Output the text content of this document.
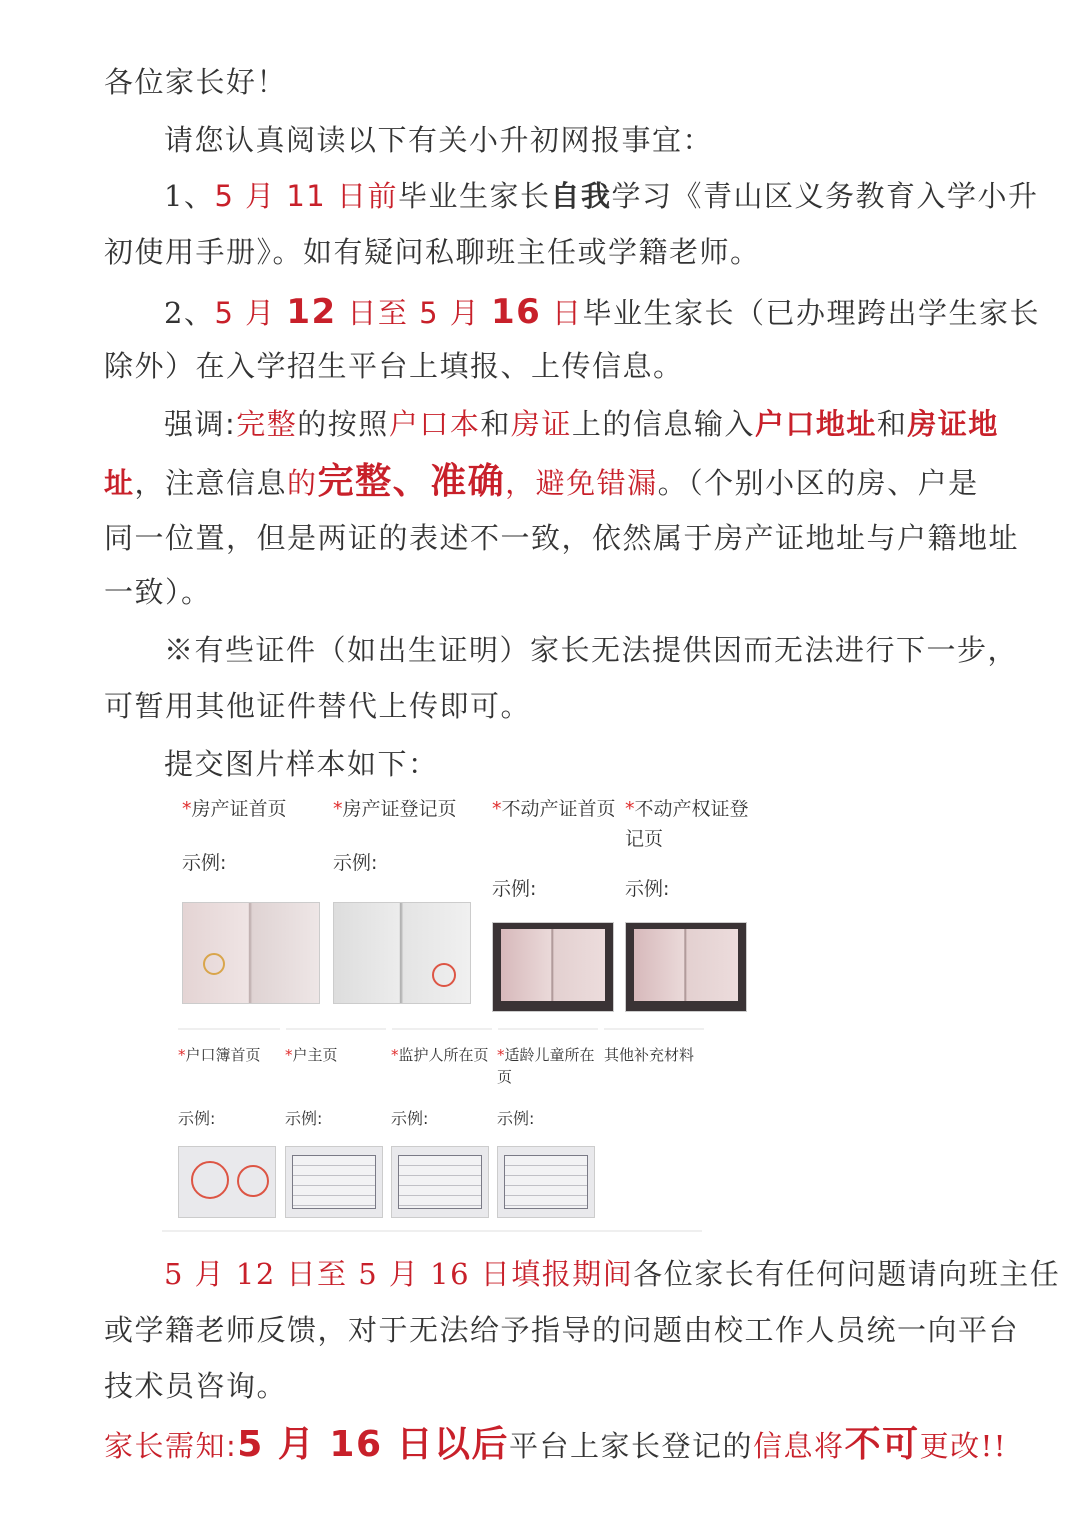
各位家长好！
请您认真阅读以下有关小升初网报事宜：
1、5 月 11 日前毕业生家长自我学习《青山区义务教育入学小升
初使用手册》。如有疑问私聊班主任或学籍老师。
2、5 月 12 日至 5 月 16 日毕业生家长（已办理跨出学生家长
除外）在入学招生平台上填报、上传信息。
强调:完整的按照户口本和房证上的信息输入户口地址和房证地
址，注意信息的完整、准确，避免错漏。（个别小区的房、户是
同一位置，但是两证的表述不一致，依然属于房产证地址与户籍地址
一致）。
※有些证件（如出生证明）家长无法提供因而无法进行下一步，
可暂用其他证件替代上传即可。
提交图片样本如下：
*房产证首页
示例:
*房产证登记页
示例:
*不动产证首页
示例:
*不动产权证登记页
示例:
*户口簿首页
示例:
*户主页
示例:
*监护人所在页
示例:
*适龄儿童所在页
示例:
其他补充材料
5 月 12 日至 5 月 16 日填报期间各位家长有任何问题请向班主任
或学籍老师反馈，对于无法给予指导的问题由校工作人员统一向平台
技术员咨询。
家长需知:5 月 16 日以后平台上家长登记的信息将不可更改!!
